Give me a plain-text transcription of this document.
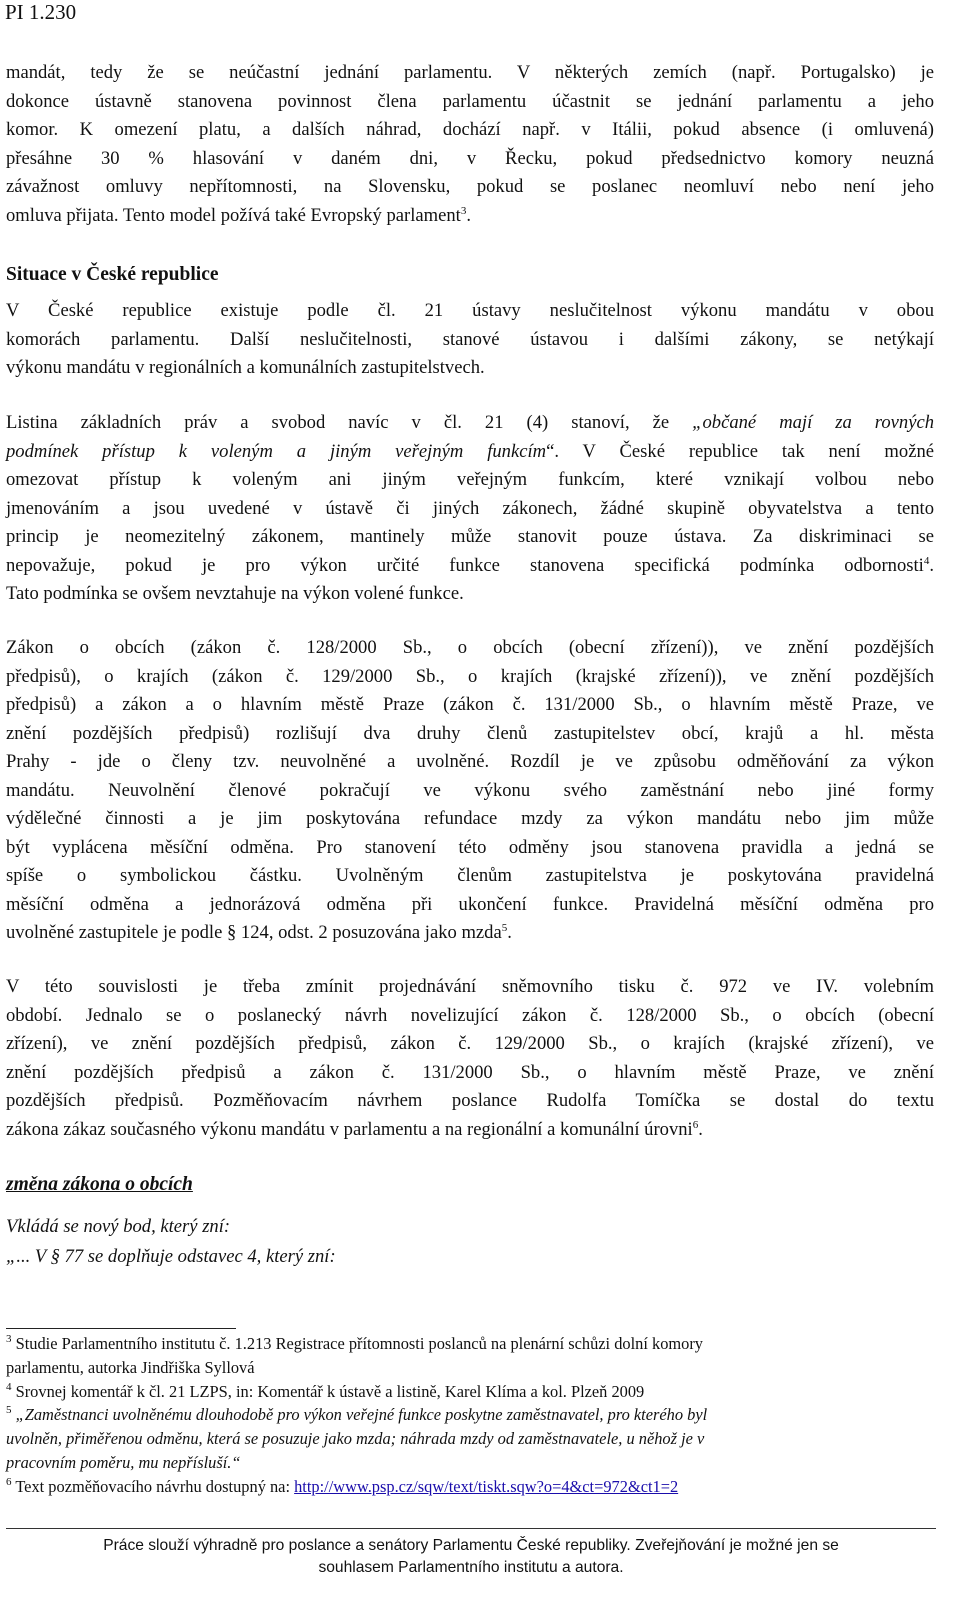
PI 1.230
mandát, tedy že se neúčastní jednání parlamentu. V některých zemích (např. Portugalsko) je
dokonce ústavně stanovena povinnost člena parlamentu účastnit se jednání parlamentu a jeho
komor. K omezení platu, a dalších náhrad, dochází např. v Itálii, pokud absence (i omluvená)
přesáhne 30 % hlasování v daném dni, v Řecku, pokud předsednictvo komory neuzná
závažnost omluvy nepřítomnosti, na Slovensku, pokud se poslanec neomluví nebo není jeho
omluva přijata. Tento model požívá také Evropský parlament$^3$.
Situace v České republice
V České republice existuje podle čl. 21 ústavy neslučitelnost výkonu mandátu v obou
komorách parlamentu. Další neslučitelnosti, stanové ústavou i dalšími zákony, se netýkají
výkonu mandátu v regionálních a komunálních zastupitelstvech.
Listina základních práv a svobod navíc v čl. 21 (4) stanoví, že „občané mají za rovných
podmínek přístup k voleným a jiným veřejným funkcím“. V České republice tak není možné
omezovat přístup k voleným ani jiným veřejným funkcím, které vznikají volbou nebo
jmenováním a jsou uvedené v ústavě či jiných zákonech, žádné skupině obyvatelstva a tento
princip je neomezitelný zákonem, mantinely může stanovit pouze ústava. Za diskriminaci se
nepovažuje, pokud je pro výkon určité funkce stanovena specifická podmínka odbornosti$^4$.
Tato podmínka se ovšem nevztahuje na výkon volené funkce.
Zákon o obcích (zákon č. 128/2000 Sb., o obcích (obecní zřízení)), ve znění pozdějších
předpisů), o krajích (zákon č. 129/2000 Sb., o krajích (krajské zřízení)), ve znění pozdějších
předpisů) a zákon a o hlavním městě Praze (zákon č. 131/2000 Sb., o hlavním městě Praze, ve
znění pozdějších předpisů) rozlišují dva druhy členů zastupitelstev obcí, krajů a hl. města
Prahy - jde o členy tzv. neuvolněné a uvolněné. Rozdíl je ve způsobu odměňování za výkon
mandátu. Neuvolnění členové pokračují ve výkonu svého zaměstnání nebo jiné formy
výdělečné činnosti a je jim poskytována refundace mzdy za výkon mandátu nebo jim může
být vyplácena měsíční odměna. Pro stanovení této odměny jsou stanovena pravidla a jedná se
spíše o symbolickou částku. Uvolněným členům zastupitelstva je poskytována pravidelná
měsíční odměna a jednorázová odměna při ukončení funkce. Pravidelná měsíční odměna pro
uvolněné zastupitele je podle § 124, odst. 2 posuzována jako mzda$^5$.
V této souvislosti je třeba zmínit projednávání sněmovního tisku č. 972 ve IV. volebním
období. Jednalo se o poslanecký návrh novelizující zákon č. 128/2000 Sb., o obcích (obecní
zřízení), ve znění pozdějších předpisů, zákon č. 129/2000 Sb., o krajích (krajské zřízení), ve
znění pozdějších předpisů a zákon č. 131/2000 Sb., o hlavním městě Praze, ve znění
pozdějších předpisů. Pozměňovacím návrhem poslance Rudolfa Tomíčka se dostal do textu
zákona zákaz současného výkonu mandátu v parlamentu a na regionální a komunální úrovni$^6$.
změna zákona o obcích
Vkládá se nový bod, který zní:
„... V § 77 se doplňuje odstavec 4, který zní:
$^3$ Studie Parlamentního institutu č. 1.213 Registrace přítomnosti poslanců na plenární schůzi dolní komory
parlamentu, autorka Jindřiška Syllová
$^4$ Srovnej komentář k čl. 21 LZPS, in: Komentář k ústavě a listině, Karel Klíma a kol. Plzeň 2009
$^5$ „Zaměstnanci uvolněnému dlouhodobě pro výkon veřejné funkce poskytne zaměstnavatel, pro kterého byl
uvolněn, přiměřenou odměnu, která se posuzuje jako mzda; náhrada mzdy od zaměstnavatele, u něhož je v
pracovním poměru, mu nepřísluší.“
$^6$ Text pozměňovacího návrhu dostupný na: http://www.psp.cz/sqw/text/tiskt.sqw?o=4&ct=972&ct1=2
Práce slouží výhradně pro poslance a senátory Parlamentu České republiky. Zveřejňování je možné jen se
souhlasem Parlamentního institutu a autora.
